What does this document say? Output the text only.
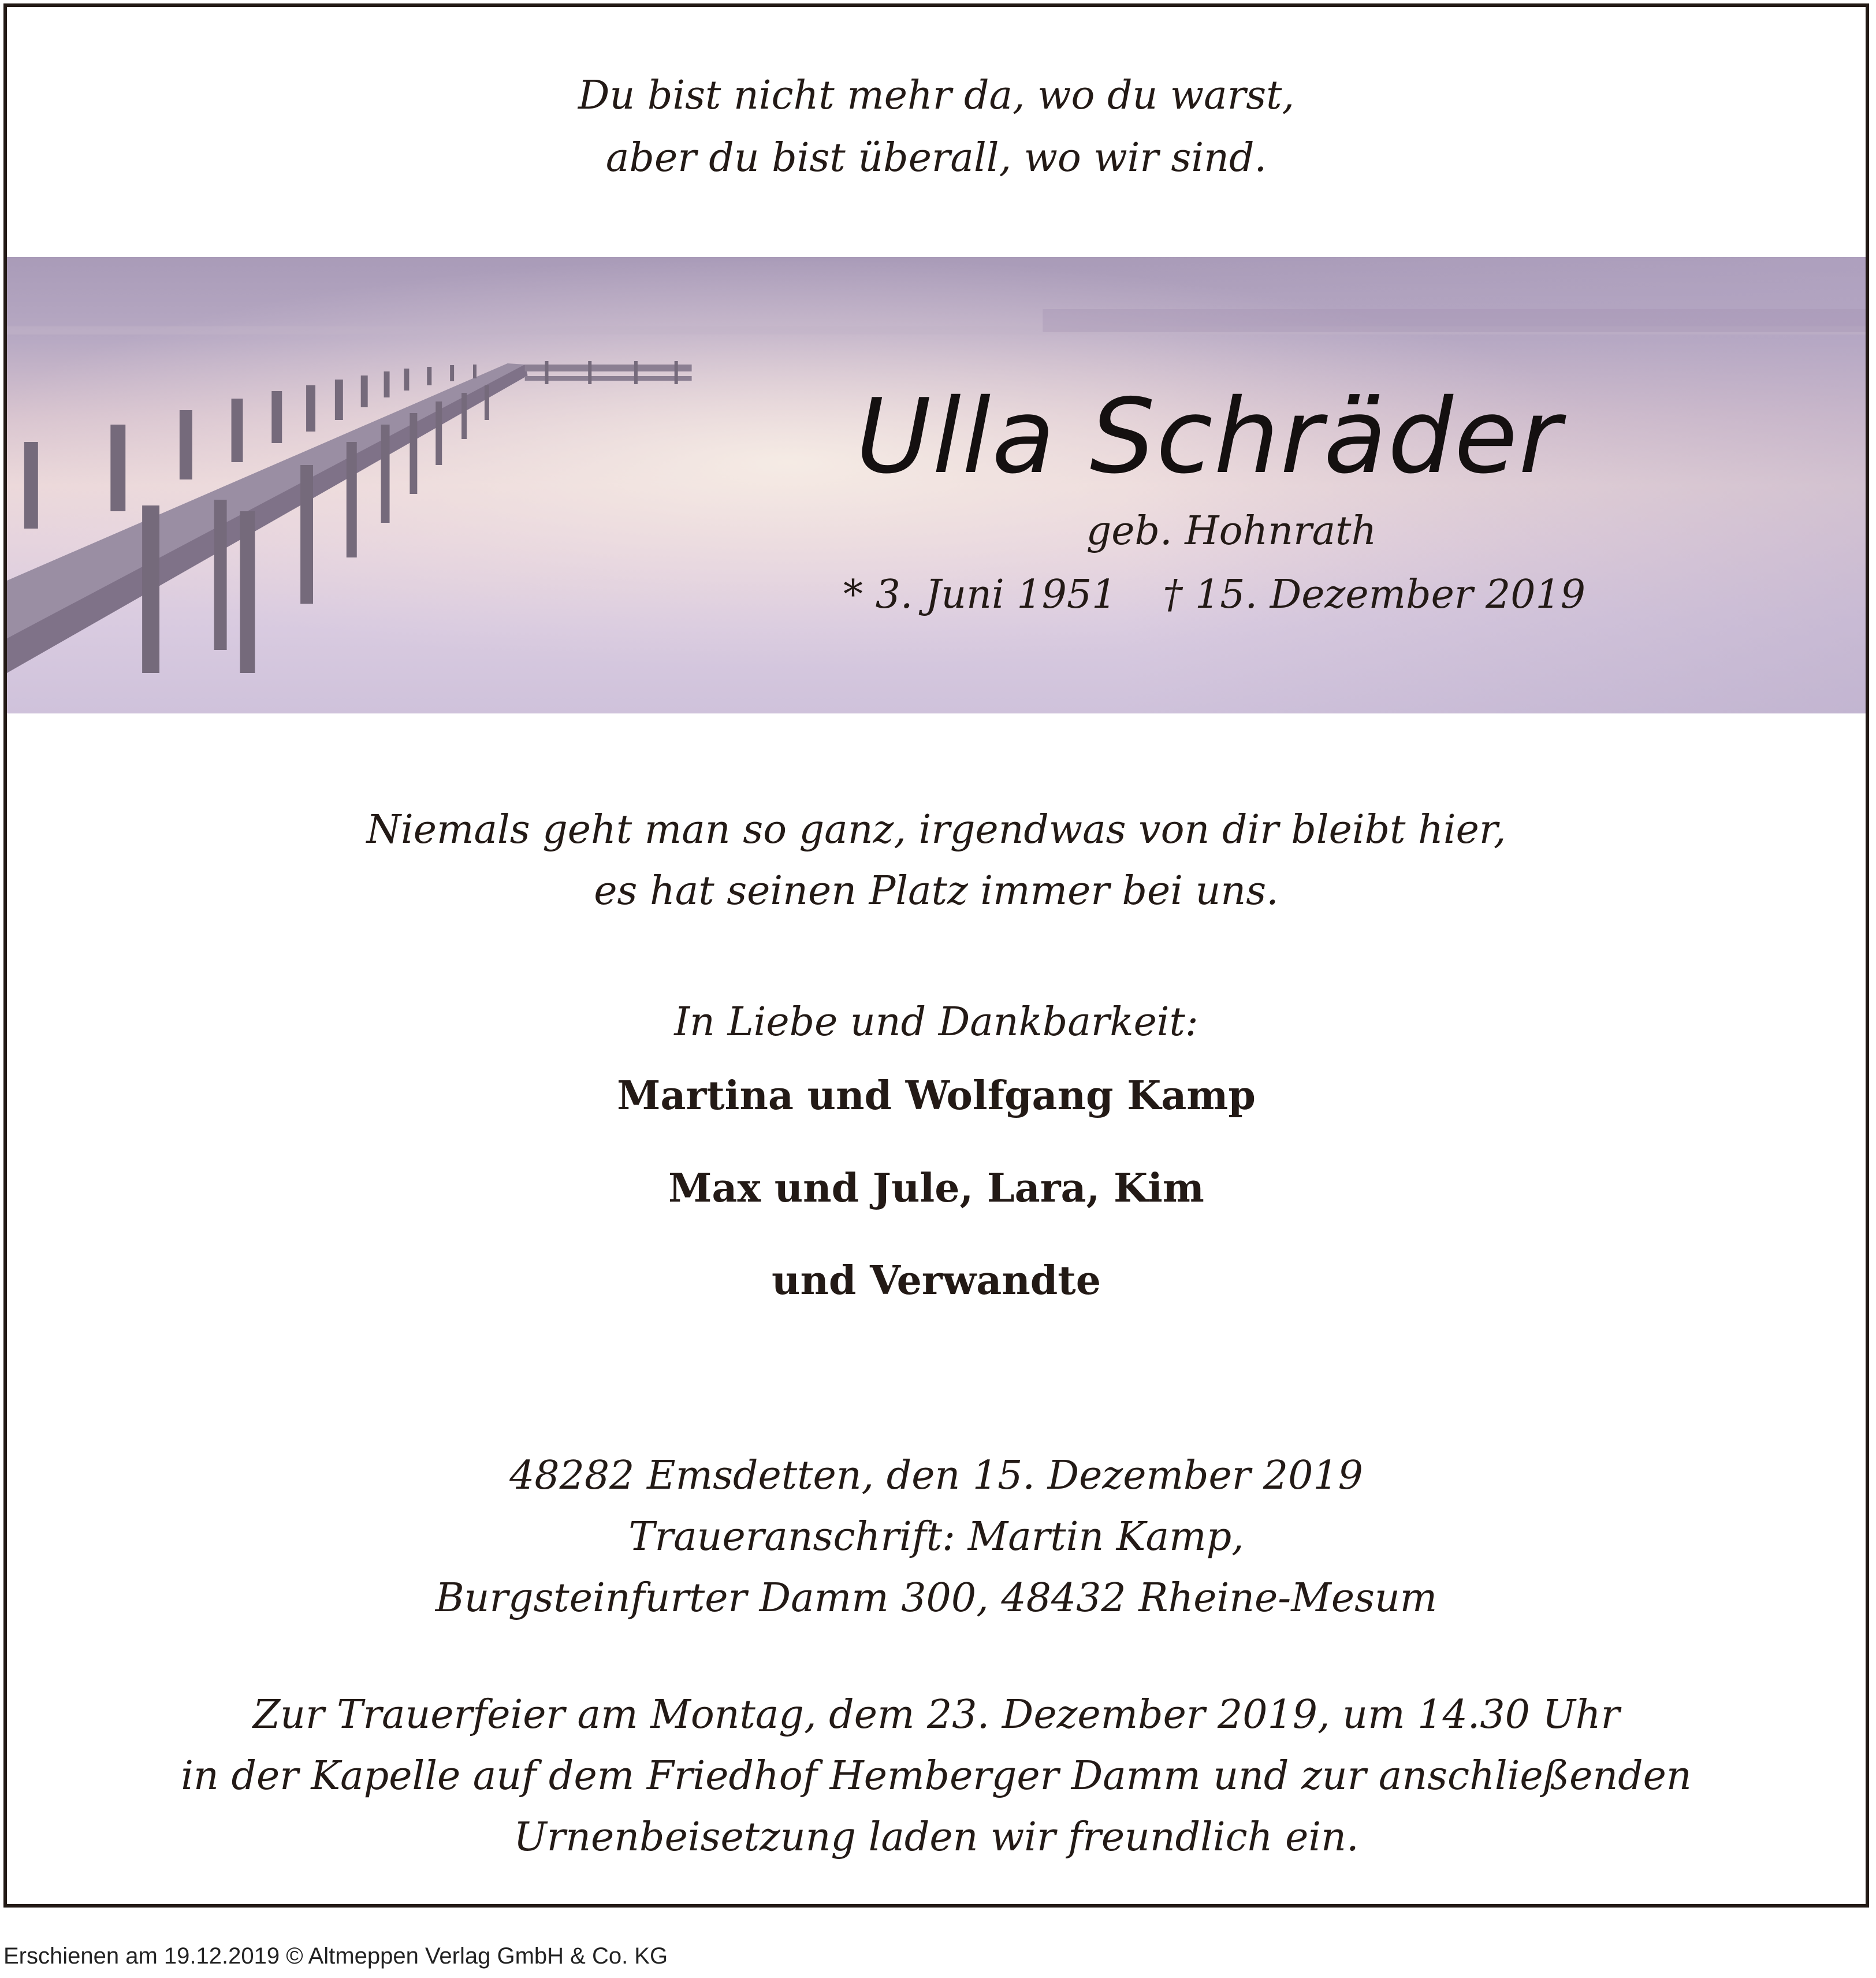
Du bist nicht mehr da, wo du warst,
aber du bist überall, wo wir sind.
Ulla Schräder
geb. Hohnrath
* 3. Juni 1951 † 15. Dezember 2019
Niemals geht man so ganz, irgendwas von dir bleibt hier,
es hat seinen Platz immer bei uns.
In Liebe und Dankbarkeit:
Martina und Wolfgang Kamp
Max und Jule, Lara, Kim
und Verwandte
48282 Emsdetten, den 15. Dezember 2019
Traueranschrift: Martin Kamp,
Burgsteinfurter Damm 300, 48432 Rheine-Mesum
Zur Trauerfeier am Montag, dem 23. Dezember 2019, um 14.30 Uhr
in der Kapelle auf dem Friedhof Hemberger Damm und zur anschließenden
Urnenbeisetzung laden wir freundlich ein.
Erschienen am 19.12.2019 © Altmeppen Verlag GmbH & Co. KG
